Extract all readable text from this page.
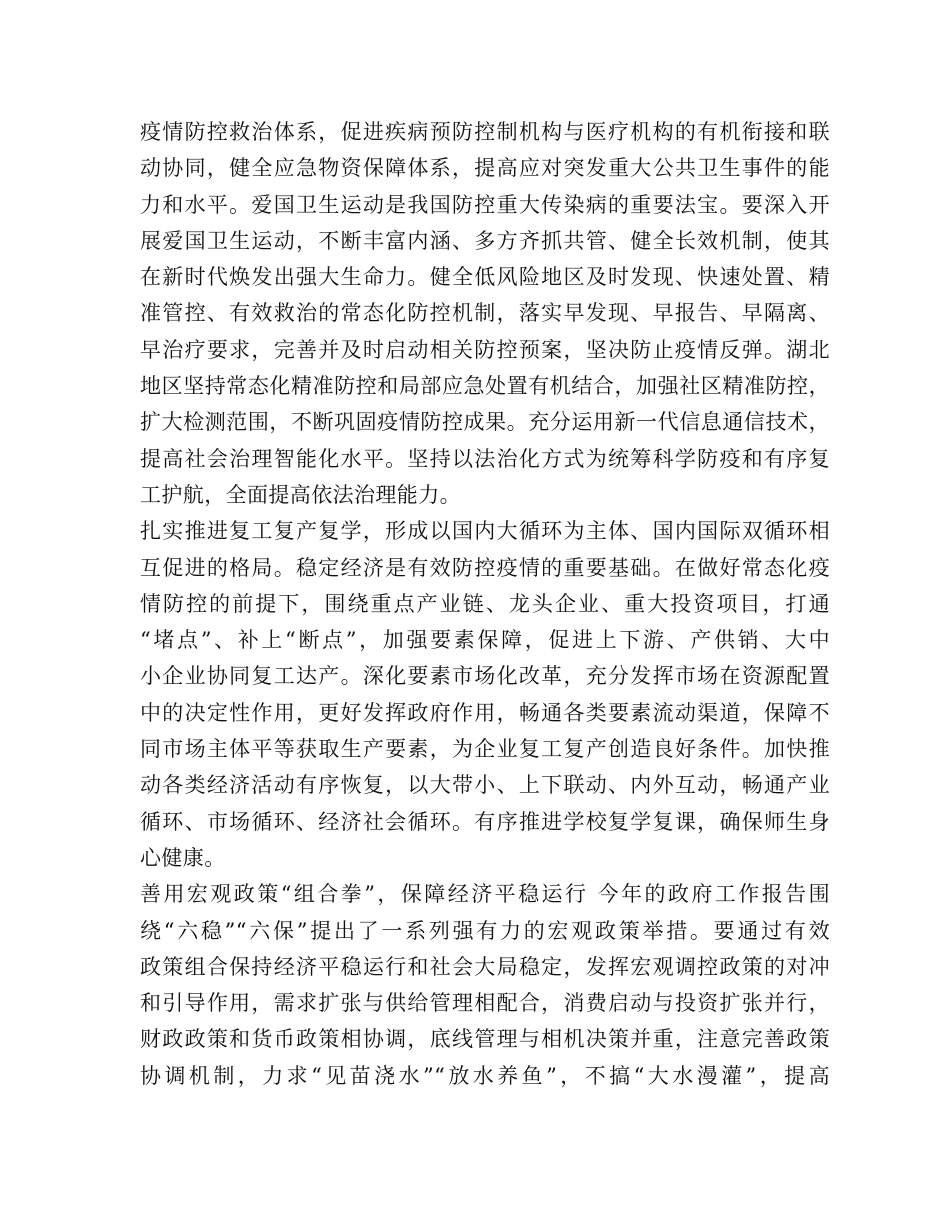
疫情防控救治体系，促进疾病预防控制机构与医疗机构的有机衔接和联
动协同，健全应急物资保障体系，提高应对突发重大公共卫生事件的能
力和水平。爱国卫生运动是我国防控重大传染病的重要法宝。要深入开
展爱国卫生运动，不断丰富内涵、多方齐抓共管、健全长效机制，使其
在新时代焕发出强大生命力。健全低风险地区及时发现、快速处置、精
准管控、有效救治的常态化防控机制，落实早发现、早报告、早隔离、
早治疗要求，完善并及时启动相关防控预案，坚决防止疫情反弹。湖北
地区坚持常态化精准防控和局部应急处置有机结合，加强社区精准防控，
扩大检测范围，不断巩固疫情防控成果。充分运用新一代信息通信技术，
提高社会治理智能化水平。坚持以法治化方式为统筹科学防疫和有序复
工护航，全面提高依法治理能力。
扎实推进复工复产复学，形成以国内大循环为主体、国内国际双循环相
互促进的格局。稳定经济是有效防控疫情的重要基础。在做好常态化疫
情防控的前提下，围绕重点产业链、龙头企业、重大投资项目，打通
“堵点”、补上“断点”，加强要素保障，促进上下游、产供销、大中
小企业协同复工达产。深化要素市场化改革，充分发挥市场在资源配置
中的决定性作用，更好发挥政府作用，畅通各类要素流动渠道，保障不
同市场主体平等获取生产要素，为企业复工复产创造良好条件。加快推
动各类经济活动有序恢复，以大带小、上下联动、内外互动，畅通产业
循环、市场循环、经济社会循环。有序推进学校复学复课，确保师生身
心健康。
善用宏观政策“组合拳”，保障经济平稳运行 今年的政府工作报告围
绕“六稳”“六保”提出了一系列强有力的宏观政策举措。要通过有效
政策组合保持经济平稳运行和社会大局稳定，发挥宏观调控政策的对冲
和引导作用，需求扩张与供给管理相配合，消费启动与投资扩张并行，
财政政策和货币政策相协调，底线管理与相机决策并重，注意完善政策
协调机制，力求“见苗浇水”“放水养鱼”，不搞“大水漫灌”，提高
